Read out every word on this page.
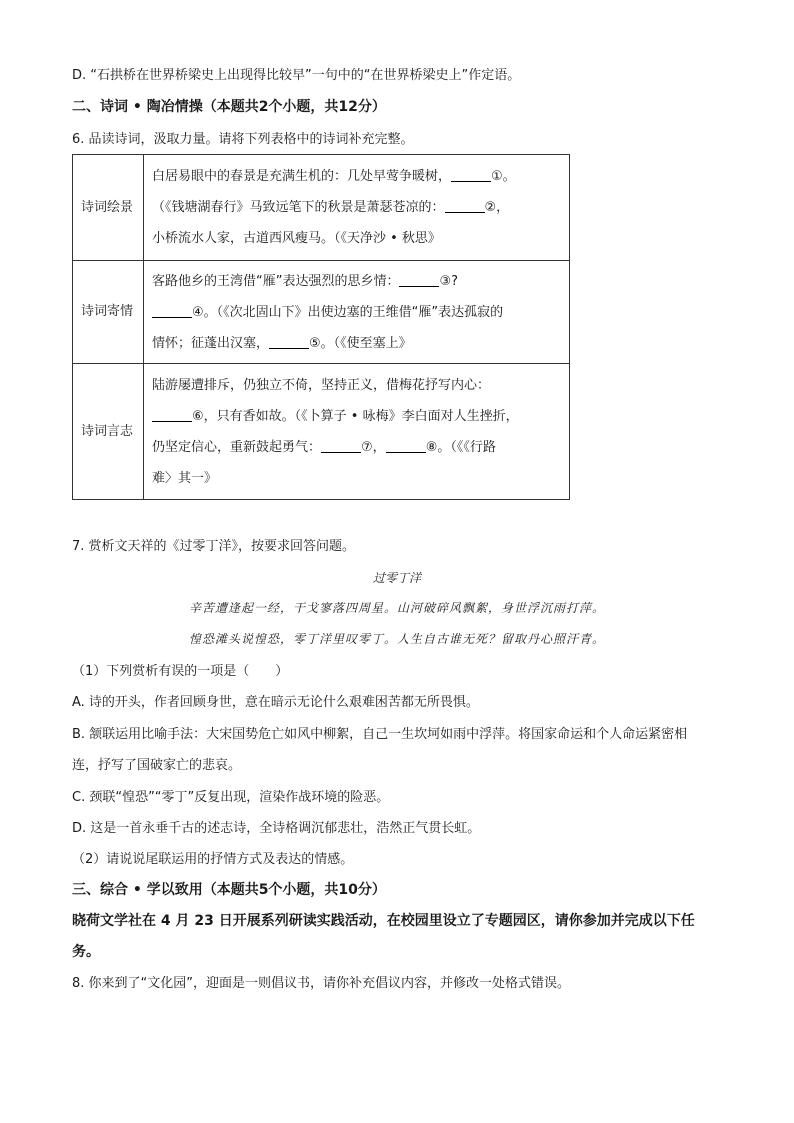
D. “石拱桥在世界桥梁史上出现得比较早”一句中的“在世界桥梁史上”作定语。
二、诗词 • 陶冶情操（本题共2个小题，共12分）
6. 品读诗词，汲取力量。请将下列表格中的诗词补充完整。
诗词绘景	白居易眼中的春景是充满生机的：几处早莺争暖树， ①。
（《钱塘湖春行》马致远笔下的秋景是萧瑟苍凉的： ②，
小桥流水人家，古道西风瘦马。（《天净沙 • 秋思》

诗词寄情	客路他乡的王湾借“雁”表达强烈的思乡情： ③?
④。（《次北固山下》出使边塞的王维借“雁”表达孤寂的
情怀；征蓬出汉塞， ⑤。（《使至塞上》

诗词言志	陆游屡遭排斥，仍独立不倚，坚持正义，借梅花抒写内心：
⑥，只有香如故。（《卜算子 • 咏梅》李白面对人生挫折，
仍坚定信心，重新鼓起勇气： ⑦， ⑧。（《《行路
难〉其一》
7. 赏析文天祥的《过零丁洋》，按要求回答问题。
过零丁洋
辛苦遭逢起一经，干戈寥落四周星。山河破碎风飘絮，身世浮沉雨打萍。
惶恐滩头说惶恐，零丁洋里叹零丁。人生自古谁无死？留取丹心照汗青。
（1）下列赏析有误的一项是（　　）
A. 诗的开头，作者回顾身世，意在暗示无论什么艰难困苦都无所畏惧。
B. 颔联运用比喻手法：大宋国势危亡如风中柳絮，自己一生坎坷如雨中浮萍。将国家命运和个人命运紧密相连，抒写了国破家亡的悲哀。
C. 颈联“惶恐”“零丁”反复出现，渲染作战环境的险恶。
D. 这是一首永垂千古的述志诗，全诗格调沉郁悲壮，浩然正气贯长虹。
（2）请说说尾联运用的抒情方式及表达的情感。
三、综合 • 学以致用（本题共5个小题，共10分）
晓荷文学社在 4 月 23 日开展系列研读实践活动，在校园里设立了专题园区，请你参加并完成以下任务。
8. 你来到了“文化园”，迎面是一则倡议书，请你补充倡议内容，并修改一处格式错误。
